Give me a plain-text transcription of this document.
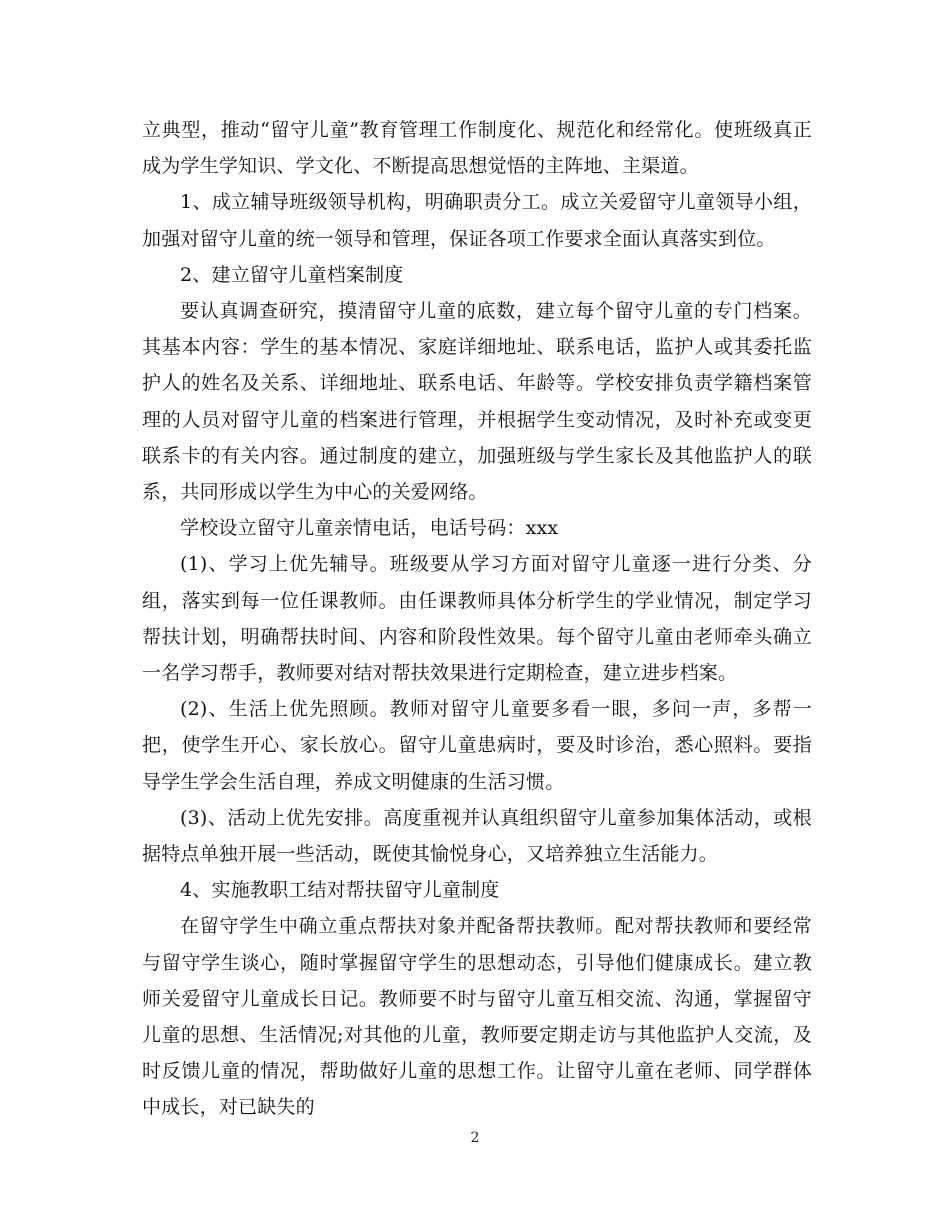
立典型，推动“留守儿童”教育管理工作制度化、规范化和经常化。使班级真正成为学生学知识、学文化、不断提高思想觉悟的主阵地、主渠道。

1、成立辅导班级领导机构，明确职责分工。成立关爱留守儿童领导小组，加强对留守儿童的统一领导和管理，保证各项工作要求全面认真落实到位。

2、建立留守儿童档案制度

要认真调查研究，摸清留守儿童的底数，建立每个留守儿童的专门档案。其基本内容：学生的基本情况、家庭详细地址、联系电话，监护人或其委托监护人的姓名及关系、详细地址、联系电话、年龄等。学校安排负责学籍档案管理的人员对留守儿童的档案进行管理，并根据学生变动情况，及时补充或变更联系卡的有关内容。通过制度的建立，加强班级与学生家长及其他监护人的联系，共同形成以学生为中心的关爱网络。

学校设立留守儿童亲情电话，电话号码：xxx

(1)、学习上优先辅导。班级要从学习方面对留守儿童逐一进行分类、分组，落实到每一位任课教师。由任课教师具体分析学生的学业情况，制定学习帮扶计划，明确帮扶时间、内容和阶段性效果。每个留守儿童由老师牵头确立一名学习帮手，教师要对结对帮扶效果进行定期检查，建立进步档案。

(2)、生活上优先照顾。教师对留守儿童要多看一眼，多问一声，多帮一把，使学生开心、家长放心。留守儿童患病时，要及时诊治，悉心照料。要指导学生学会生活自理，养成文明健康的生活习惯。

(3)、活动上优先安排。高度重视并认真组织留守儿童参加集体活动，或根据特点单独开展一些活动，既使其愉悦身心，又培养独立生活能力。

4、实施教职工结对帮扶留守儿童制度

在留守学生中确立重点帮扶对象并配备帮扶教师。配对帮扶教师和要经常与留守学生谈心，随时掌握留守学生的思想动态，引导他们健康成长。建立教师关爱留守儿童成长日记。教师要不时与留守儿童互相交流、沟通，掌握留守儿童的思想、生活情况;对其他的儿童，教师要定期走访与其他监护人交流，及时反馈儿童的情况，帮助做好儿童的思想工作。让留守儿童在老师、同学群体中成长，对已缺失的

2
